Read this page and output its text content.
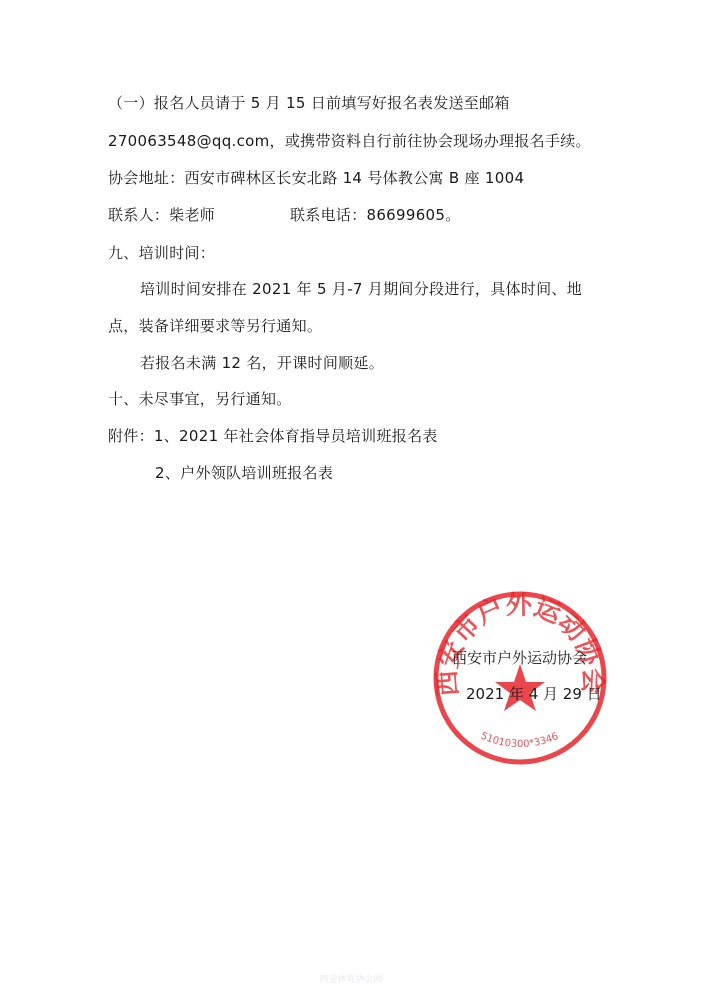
（一）报名人员请于 5 月 15 日前填写好报名表发送至邮箱
270063548@qq.com，或携带资料自行前往协会现场办理报名手续。
协会地址：西安市碑林区长安北路 14 号体教公寓 B 座 1004
联系人：柴老师	联系电话：86699605。
九、培训时间：
培训时间安排在 2021 年 5 月-7 月期间分段进行，具体时间、地
点，装备详细要求等另行通知。
若报名未满 12 名，开课时间顺延。
十、未尽事宜，另行通知。
附件：1、2021 年社会体育指导员培训班报名表
2、户外领队培训班报名表
西安市户外运动协会
51010300*3346
西安市户外运动协会
2021 年 4 月 29 日
西安体育协会网
